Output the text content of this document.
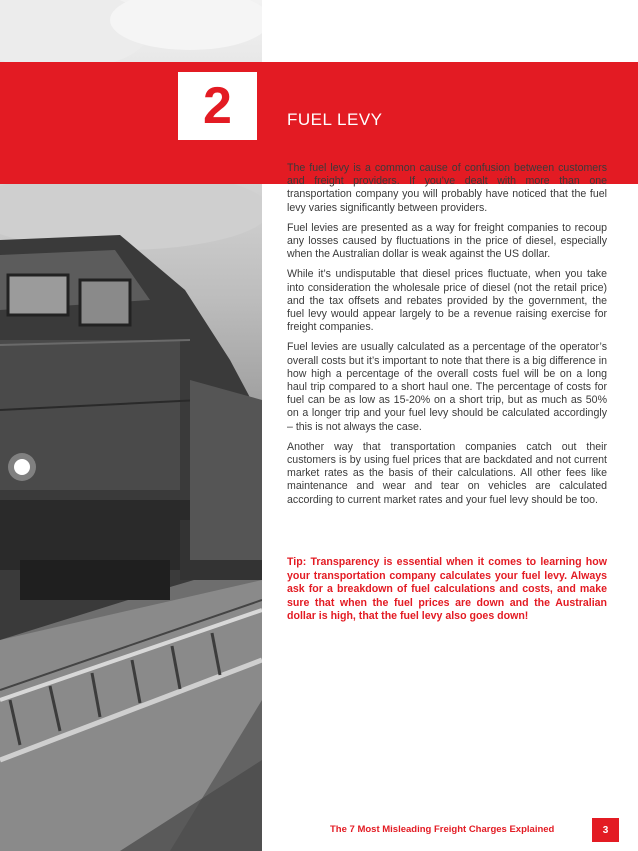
2	FUEL LEVY

The fuel levy is a common cause of confusion between customers and freight providers. If you’ve dealt with more than one transportation company you will probably have noticed that the fuel levy varies significantly between providers.

Fuel levies are presented as a way for freight companies to recoup any losses caused by fluctuations in the price of diesel, especially when the Australian dollar is weak against the US dollar.

While it’s undisputable that diesel prices fluctuate, when you take into consideration the wholesale price of diesel (not the retail price) and the tax offsets and rebates provided by the government, the fuel levy would appear largely to be a revenue raising exercise for freight companies.

Fuel levies are usually calculated as a percentage of the operator’s overall costs but it’s important to note that there is a big difference in how high a percentage of the overall costs fuel will be on a long haul trip compared to a short haul one. The percentage of costs for fuel can be as low as 15-20% on a short trip, but as much as 50% on a longer trip and your fuel levy should be calculated accordingly – this is not always the case.

Another way that transportation companies catch out their customers is by using fuel prices that are backdated and not current market rates as the basis of their calculations. All other fees like maintenance and wear and tear on vehicles are calculated according to current market rates and your fuel levy should be too.

Tip: Transparency is essential when it comes to learning how your transportation company calculates your fuel levy. Always ask for a breakdown of fuel calculations and costs, and make sure that when the fuel prices are down and the Australian dollar is high, that the fuel levy also goes down!

The 7 Most Misleading Freight Charges Explained	3
